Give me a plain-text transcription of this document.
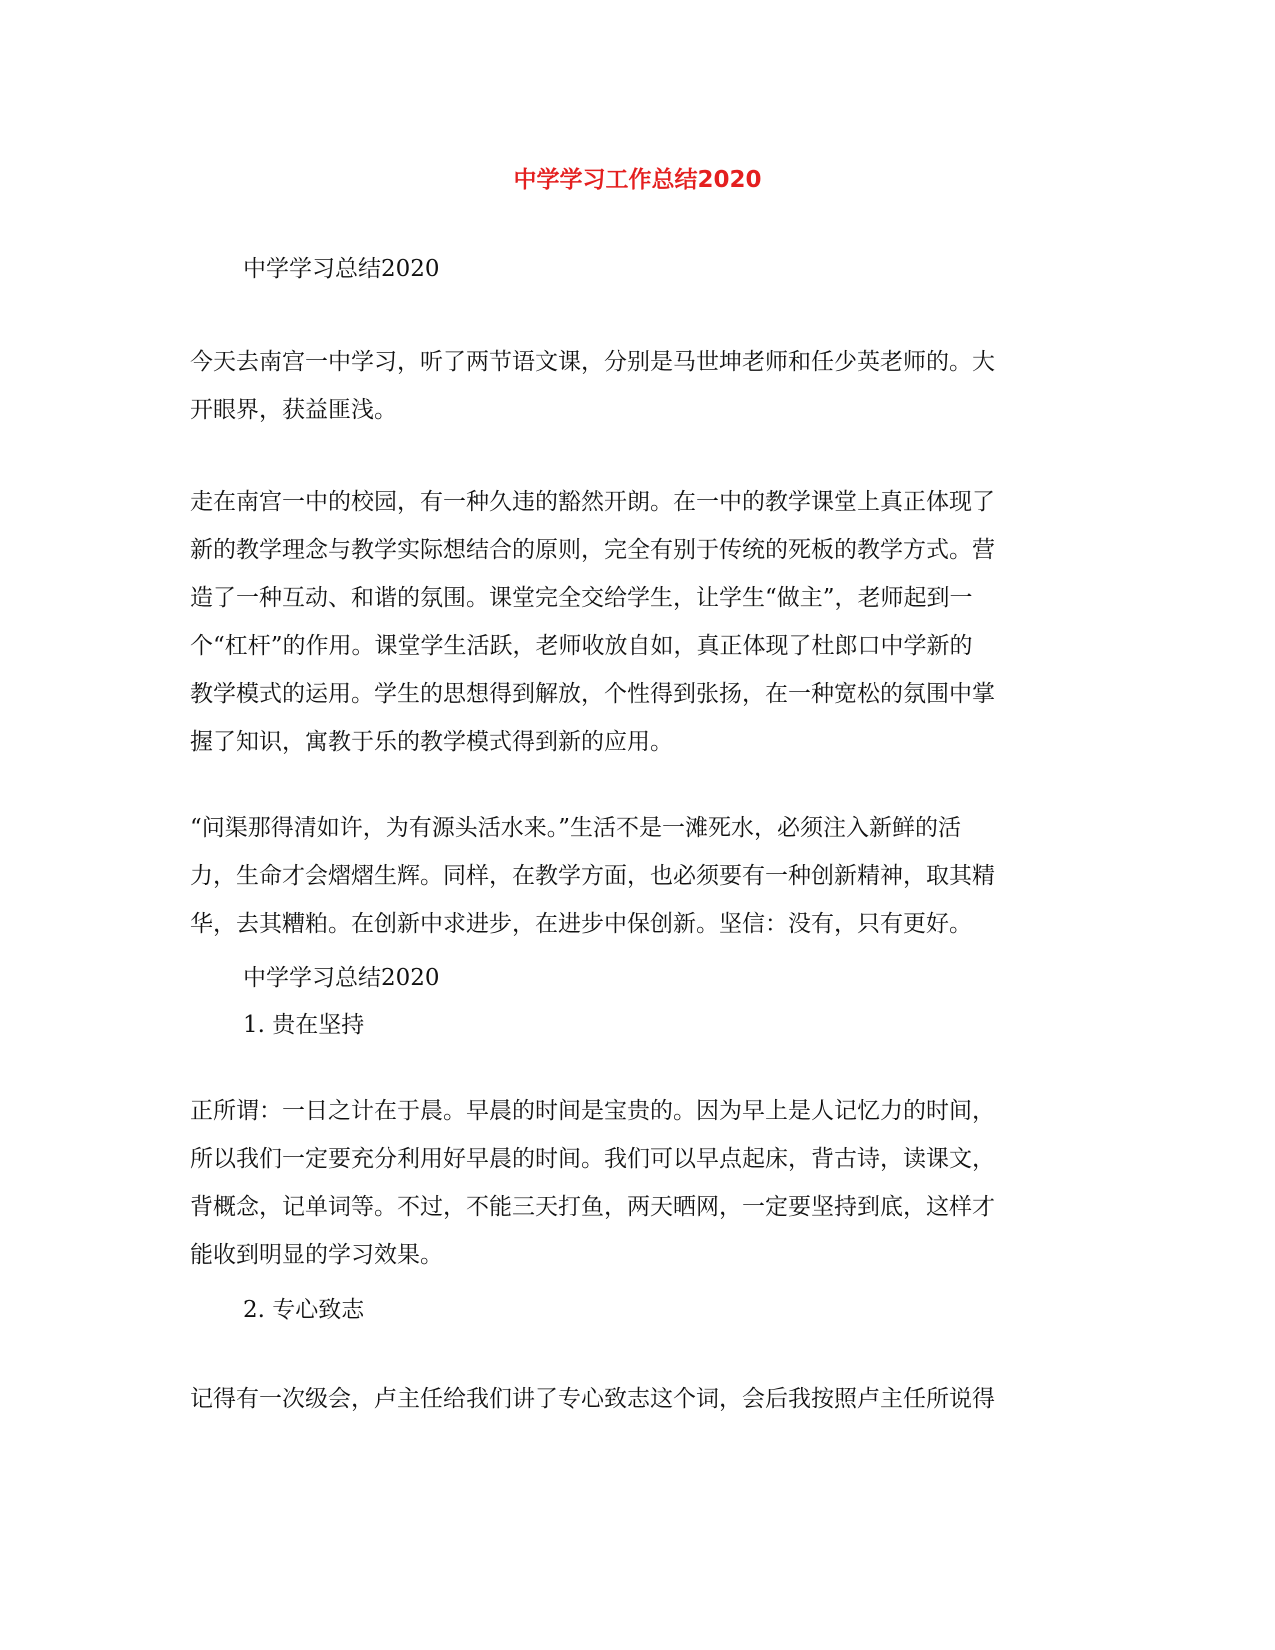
中学学习工作总结2020
中学学习总结2020
今天去南宫一中学习，听了两节语文课，分别是马世坤老师和任少英老师的。大
开眼界，获益匪浅。
走在南宫一中的校园，有一种久违的豁然开朗。在一中的教学课堂上真正体现了
新的教学理念与教学实际想结合的原则，完全有别于传统的死板的教学方式。营
造了一种互动、和谐的氛围。课堂完全交给学生，让学生“做主”，老师起到一
个“杠杆”的作用。课堂学生活跃，老师收放自如，真正体现了杜郎口中学新的
教学模式的运用。学生的思想得到解放，个性得到张扬，在一种宽松的氛围中掌
握了知识，寓教于乐的教学模式得到新的应用。
“问渠那得清如许，为有源头活水来。”生活不是一滩死水，必须注入新鲜的活
力，生命才会熠熠生辉。同样，在教学方面，也必须要有一种创新精神，取其精
华，去其糟粕。在创新中求进步，在进步中保创新。坚信：没有，只有更好。
中学学习总结2020
1. 贵在坚持
正所谓：一日之计在于晨。早晨的时间是宝贵的。因为早上是人记忆力的时间，
所以我们一定要充分利用好早晨的时间。我们可以早点起床，背古诗，读课文，
背概念，记单词等。不过，不能三天打鱼，两天晒网，一定要坚持到底，这样才
能收到明显的学习效果。
2. 专心致志
记得有一次级会，卢主任给我们讲了专心致志这个词，会后我按照卢主任所说得
